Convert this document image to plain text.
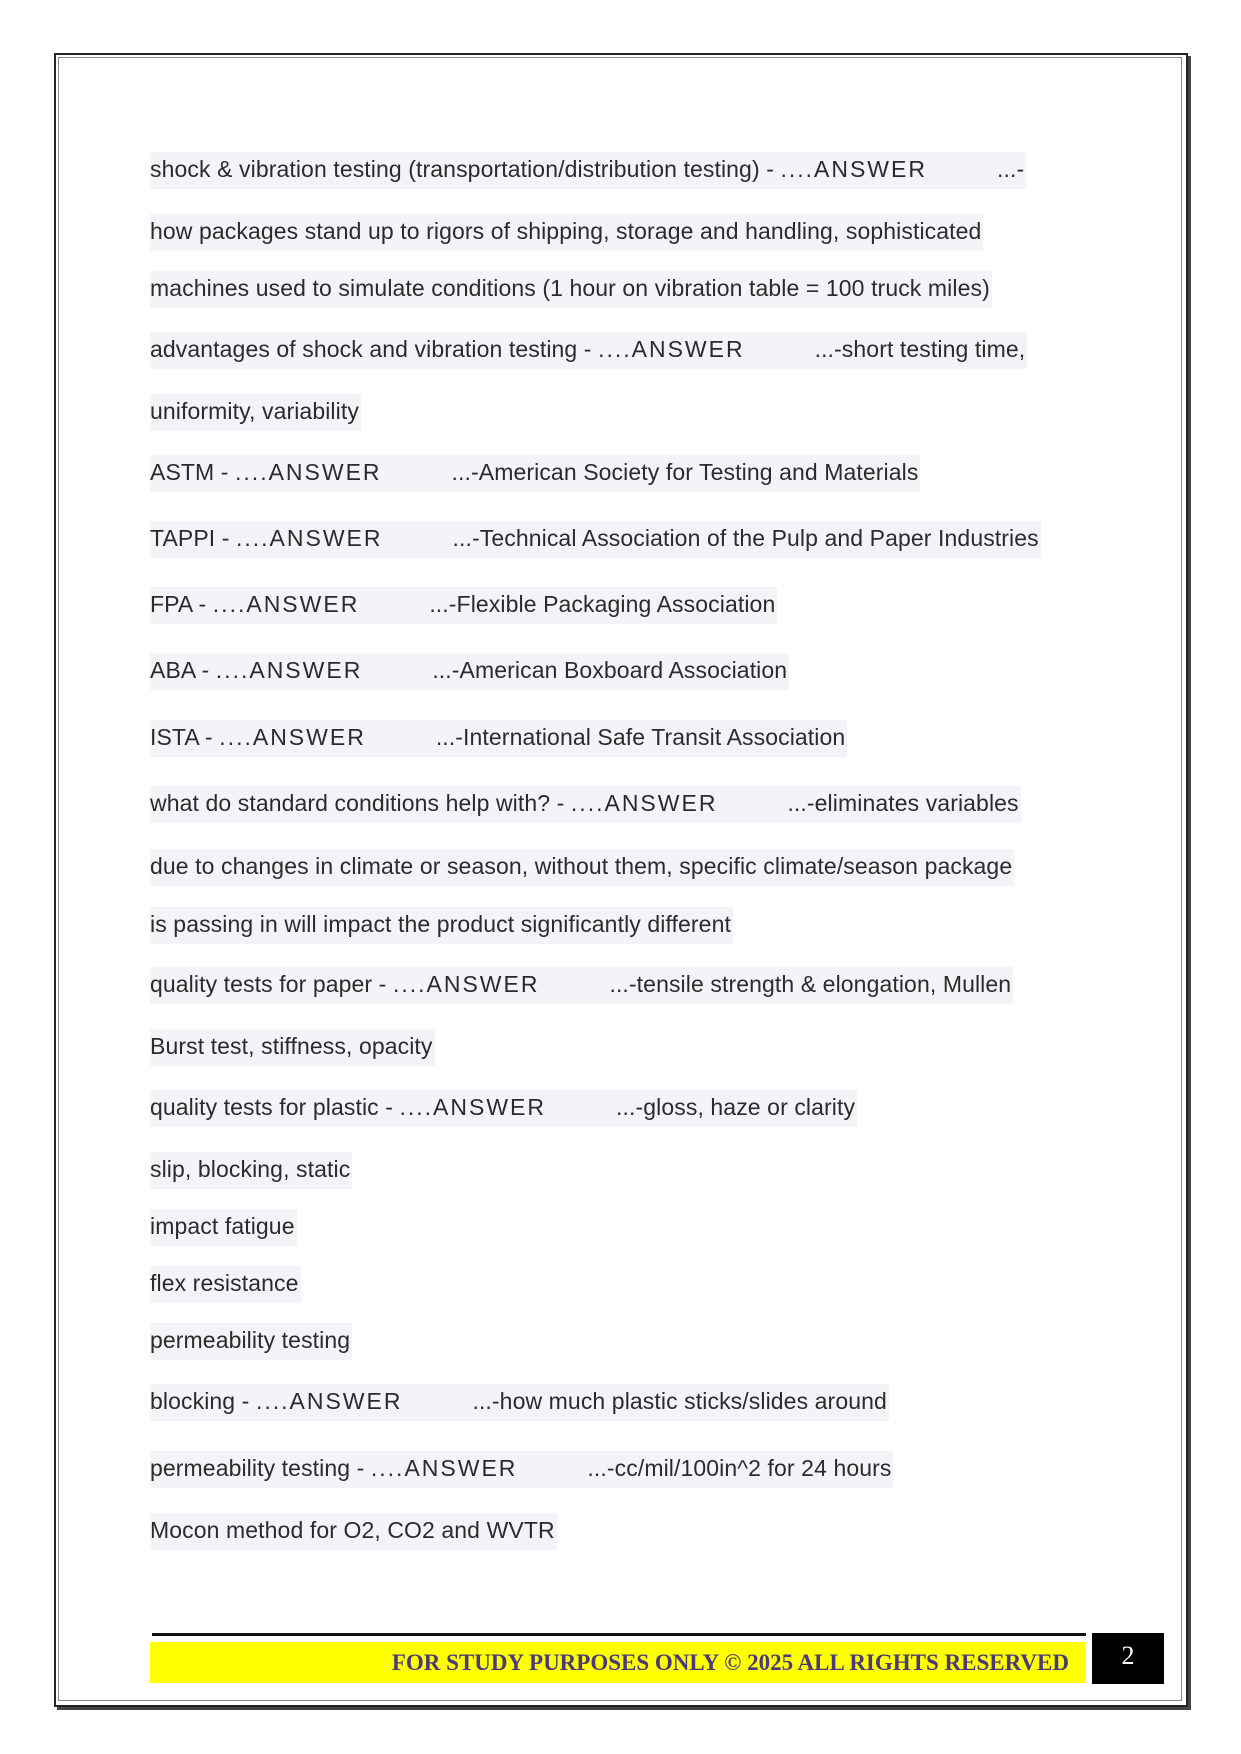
shock & vibration testing (transportation/distribution testing) - ....ANSWER	...-
how packages stand up to rigors of shipping, storage and handling, sophisticated
machines used to simulate conditions (1 hour on vibration table = 100 truck miles)
advantages of shock and vibration testing - ....ANSWER	...-short testing time,
uniformity, variability
ASTM - ....ANSWER	...-American Society for Testing and Materials
TAPPI - ....ANSWER	...-Technical Association of the Pulp and Paper Industries
FPA - ....ANSWER	...-Flexible Packaging Association
ABA - ....ANSWER	...-American Boxboard Association
ISTA - ....ANSWER	...-International Safe Transit Association
what do standard conditions help with? - ....ANSWER	...-eliminates variables
due to changes in climate or season, without them, specific climate/season package
is passing in will impact the product significantly different
quality tests for paper - ....ANSWER	...-tensile strength & elongation, Mullen
Burst test, stiffness, opacity
quality tests for plastic - ....ANSWER	...-gloss, haze or clarity
slip, blocking, static
impact fatigue
flex resistance
permeability testing
blocking - ....ANSWER	...-how much plastic sticks/slides around
permeability testing - ....ANSWER	...-cc/mil/100in^2 for 24 hours
Mocon method for O2, CO2 and WVTR
FOR STUDY PURPOSES ONLY © 2025 ALL RIGHTS RESERVED	2
